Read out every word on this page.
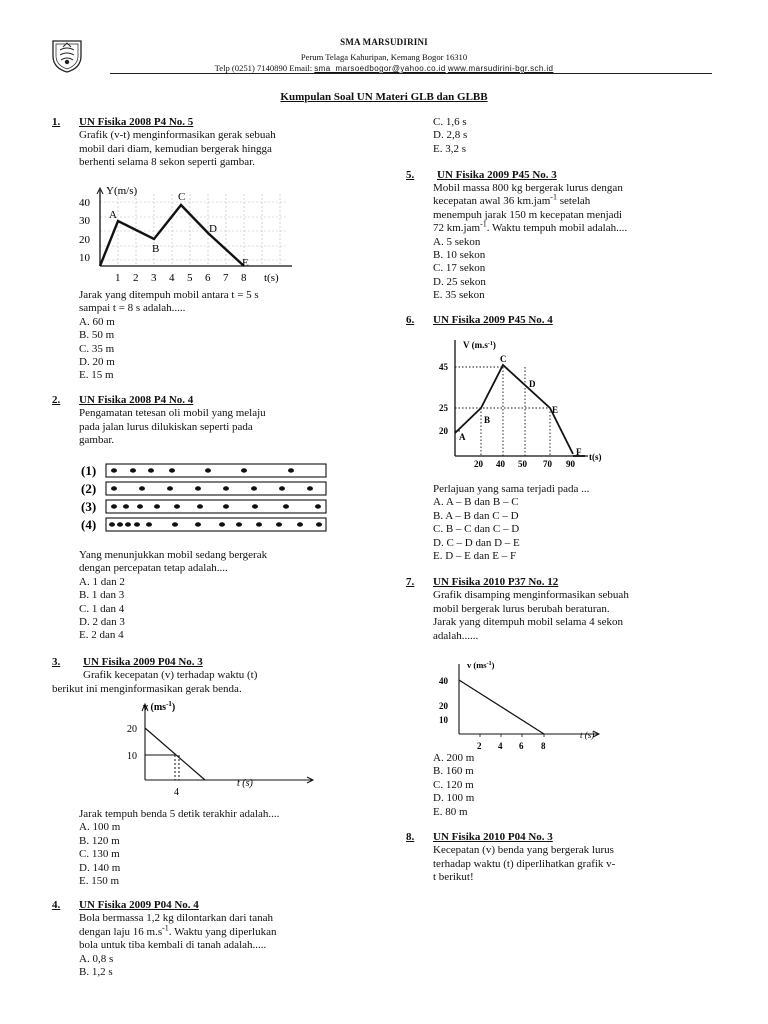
SMA MARSUDIRINI
Perum Telaga Kahuripan, Kemang Bogor 16310
Telp (0251) 7140890 Email: sma_marsoedbogor@yahoo.co.id www.marsudirini-bgr.sch.id
Kumpulan Soal UN Materi GLB dan GLBB
1. UN Fisika 2008 P4 No. 5
Grafik (v-t) menginformasikan gerak sebuah
mobil dari diam, kemudian bergerak hingga
berhenti selama 8 sekon seperti gambar.
Y(m/s)
40
30
20
10
1 2 3 4 5 6 7 8 t(s)
A
B
C
D
E
Jarak yang ditempuh mobil antara t = 5 s
sampai t = 8 s adalah.....
A. 60 m
B. 50 m
C. 35 m
D. 20 m
E. 15 m
2. UN Fisika 2008 P4 No. 4
Pengamatan tetesan oli mobil yang melaju
pada jalan lurus dilukiskan seperti pada
gambar.
(1)
(2)
(3)
(4)
Yang menunjukkan mobil sedang bergerak
dengan percepatan tetap adalah....
A. 1 dan 2
B. 1 dan 3
C. 1 dan 4
D. 2 dan 3
E. 2 dan 4
3. UN Fisika 2009 P04 No. 3
Grafik kecepatan (v) terhadap waktu (t)
berikut ini menginformasikan gerak benda.
v $(ms^{-1})$
20
10
4
t (s)
Jarak tempuh benda 5 detik terakhir adalah....
A. 100 m
B. 120 m
C. 130 m
D. 140 m
E. 150 m
4. UN Fisika 2009 P04 No. 4
Bola bermassa 1,2 kg dilontarkan dari tanah
dengan laju 16 $m.s^{-1}$. Waktu yang diperlukan
bola untuk tiba kembali di tanah adalah.....
A. 0,8 s
B. 1,2 s
C. 1,6 s
D. 2,8 s
E. 3,2 s
5. UN Fisika 2009 P45 No. 3
Mobil massa 800 kg bergerak lurus dengan
kecepatan awal 36 km.jam$^{-1}$ setelah
menempuh jarak 150 m kecepatan menjadi
72 km.jam$^{-1}$. Waktu tempuh mobil adalah....
A. 5 sekon
B. 10 sekon
C. 17 sekon
D. 25 sekon
E. 35 sekon
6. UN Fisika 2009 P45 No. 4
V $(m.s^{-1})$
45
25
20
20 40 50 70 90
t(s)
A
B
C
D
E
F
Perlajuan yang sama terjadi pada ...
A. A – B dan B – C
B. A – B dan C – D
C. B – C dan C – D
D. C – D dan D – E
E. D – E dan E – F
7. UN Fisika 2010 P37 No. 12
Grafik disamping menginformasikan sebuah
mobil bergerak lurus berubah beraturan.
Jarak yang ditempuh mobil selama 4 sekon
adalah......
v $(ms^{-1})$
40
20
10
2 4 6 8
t (s)
A. 200 m
B. 160 m
C. 120 m
D. 100 m
E. 80 m
8. UN Fisika 2010 P04 No. 3
Kecepatan (v) benda yang bergerak lurus
terhadap waktu (t) diperlihatkan grafik v-
t berikut!
